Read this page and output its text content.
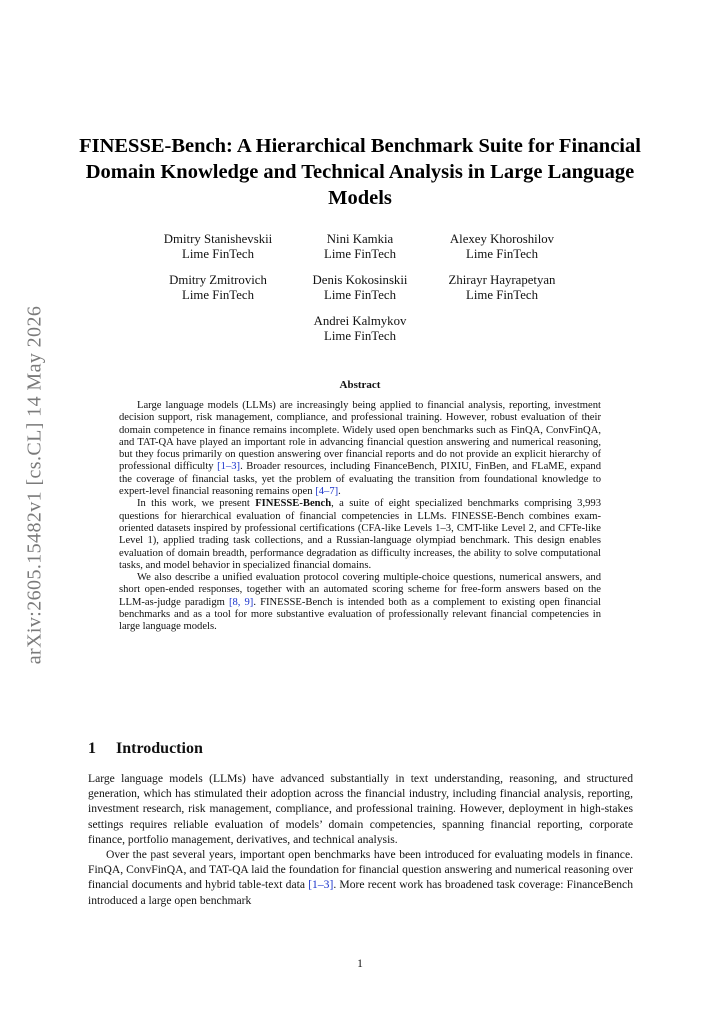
arXiv:2605.15482v1 [cs.CL] 14 May 2026
FINESSE-Bench: A Hierarchical Benchmark Suite for Financial Domain Knowledge and Technical Analysis in Large Language Models
Dmitry Stanishevskii
Lime FinTech
Nini Kamkia
Lime FinTech
Alexey Khoroshilov
Lime FinTech
Dmitry Zmitrovich
Lime FinTech
Denis Kokosinskii
Lime FinTech
Zhirayr Hayrapetyan
Lime FinTech
Andrei Kalmykov
Lime FinTech
Abstract

Large language models (LLMs) are increasingly being applied to financial analysis, reporting, investment decision support, risk management, compliance, and professional training. However, robust evaluation of their domain competence in finance remains incomplete. Widely used open benchmarks such as FinQA, ConvFinQA, and TAT-QA have played an important role in advancing financial question answering and numerical reasoning, but they focus primarily on question answering over financial reports and do not provide an explicit hierarchy of professional difficulty [1–3]. Broader resources, including FinanceBench, PIXIU, FinBen, and FLaME, expand the coverage of financial tasks, yet the problem of evaluating the transition from foundational knowledge to expert-level financial reasoning remains open [4–7].

In this work, we present FINESSE-Bench, a suite of eight specialized benchmarks comprising 3,993 questions for hierarchical evaluation of financial competencies in LLMs. FINESSE-Bench combines exam-oriented datasets inspired by professional certifications (CFA-like Levels 1–3, CMT-like Level 2, and CFTe-like Level 1), applied trading task collections, and a Russian-language olympiad benchmark. This design enables evaluation of domain breadth, performance degradation as difficulty increases, the ability to solve computational tasks, and model behavior in specialized financial domains.

We also describe a unified evaluation protocol covering multiple-choice questions, numerical answers, and short open-ended responses, together with an automated scoring scheme for free-form answers based on the LLM-as-judge paradigm [8, 9]. FINESSE-Bench is intended both as a complement to existing open financial benchmarks and as a tool for more substantive evaluation of professionally relevant financial competencies in large language models.

1 Introduction

Large language models (LLMs) have advanced substantially in text understanding, reasoning, and structured generation, which has stimulated their adoption across the financial industry, including financial analysis, reporting, investment research, risk management, compliance, and professional training. However, deployment in high-stakes settings requires reliable evaluation of models’ domain competencies, spanning financial reporting, corporate finance, portfolio management, derivatives, and technical analysis.

Over the past several years, important open benchmarks have been introduced for evaluating models in finance. FinQA, ConvFinQA, and TAT-QA laid the foundation for financial question answering and numerical reasoning over financial documents and hybrid table-text data [1–3]. More recent work has broadened task coverage: FinanceBench introduced a large open benchmark

1
